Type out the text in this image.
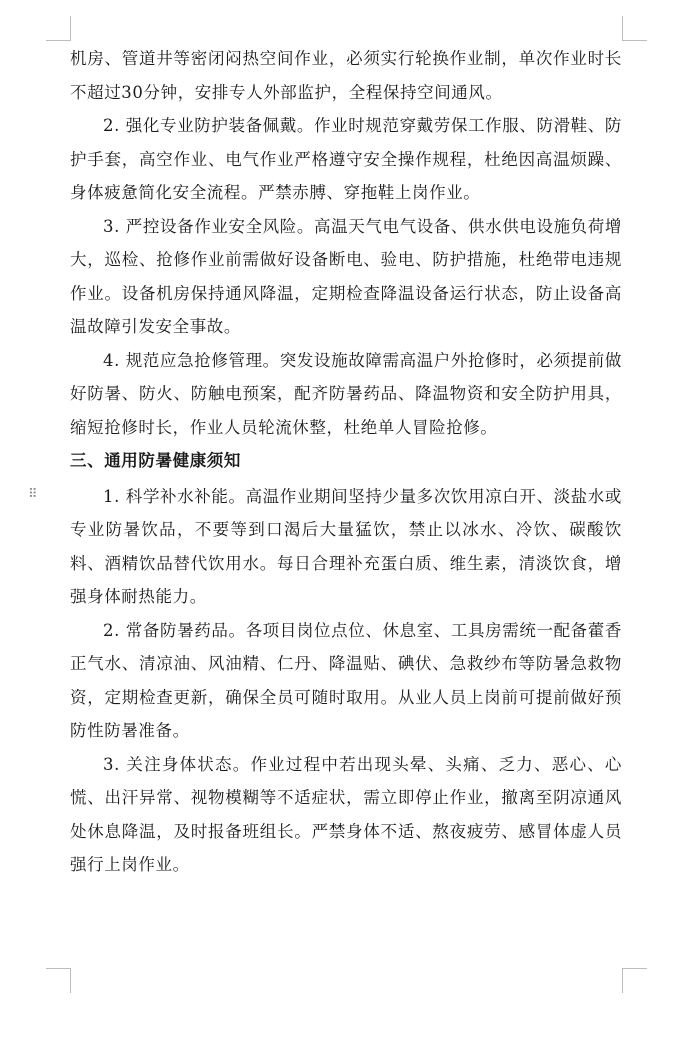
⠿

机房、管道井等密闭闷热空间作业，必须实行轮换作业制，单次作业时长不超过30分钟，安排专人外部监护，全程保持空间通风。

2. 强化专业防护装备佩戴。作业时规范穿戴劳保工作服、防滑鞋、防护手套，高空作业、电气作业严格遵守安全操作规程，杜绝因高温烦躁、身体疲惫简化安全流程。严禁赤膊、穿拖鞋上岗作业。

3. 严控设备作业安全风险。高温天气电气设备、供水供电设施负荷增大，巡检、抢修作业前需做好设备断电、验电、防护措施，杜绝带电违规作业。设备机房保持通风降温，定期检查降温设备运行状态，防止设备高温故障引发安全事故。

4. 规范应急抢修管理。突发设施故障需高温户外抢修时，必须提前做好防暑、防火、防触电预案，配齐防暑药品、降温物资和安全防护用具，缩短抢修时长，作业人员轮流休整，杜绝单人冒险抢修。

三、通用防暑健康须知

1. 科学补水补能。高温作业期间坚持少量多次饮用凉白开、淡盐水或专业防暑饮品，不要等到口渴后大量猛饮，禁止以冰水、冷饮、碳酸饮料、酒精饮品替代饮用水。每日合理补充蛋白质、维生素，清淡饮食，增强身体耐热能力。

2. 常备防暑药品。各项目岗位点位、休息室、工具房需统一配备藿香正气水、清凉油、风油精、仁丹、降温贴、碘伏、急救纱布等防暑急救物资，定期检查更新，确保全员可随时取用。从业人员上岗前可提前做好预防性防暑准备。

3. 关注身体状态。作业过程中若出现头晕、头痛、乏力、恶心、心慌、出汗异常、视物模糊等不适症状，需立即停止作业，撤离至阴凉通风处休息降温，及时报备班组长。严禁身体不适、熬夜疲劳、感冒体虚人员强行上岗作业。
